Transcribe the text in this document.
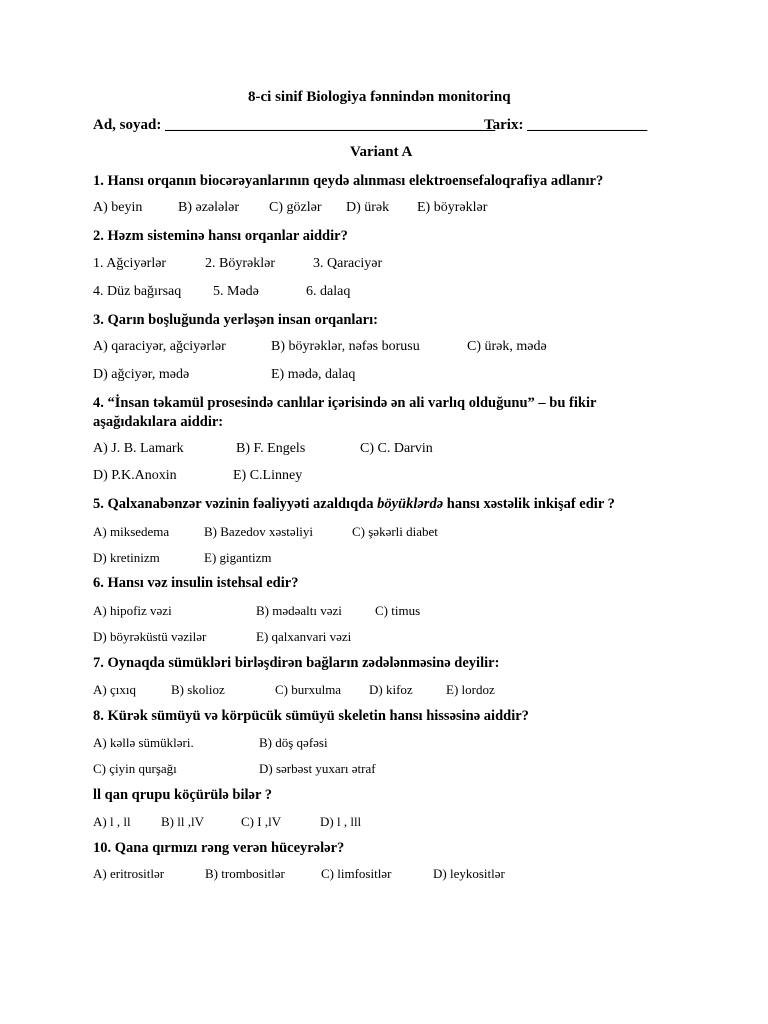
8-ci sinif Biologiya fənnindən monitorinq
Ad, soyad: ____________________________________________
Tarix: ________________
Variant A
1. Hansı orqanın biocərəyanlarının qeydə alınması elektroensefaloqrafiya adlanır?
A) beyin	B) əzələlər C) gözlər D) ürək E) böyrəklər
2. Həzm sisteminə hansı orqanlar aiddir?
1. Ağciyərlər	2. Böyrəklər	3. Qaraciyər
4. Düz bağırsaq 5. Mədə	6. dalaq
3. Qarın boşluğunda yerləşən insan orqanları:
A) qaraciyər, ağciyərlər	B) böyrəklər, nəfəs borusu	C) ürək, mədə
D) ağciyər, mədə	E) mədə, dalaq
4. “İnsan təkamül prosesində canlılar içərisində ən ali varlıq olduğunu” – bu fikir
aşağıdakılara aiddir:
A) J. B. Lamark	B) F. Engels	C) C. Darvin
D) P.K.Anoxin	E) C.Linney
5. Qalxanabənzər vəzinin fəaliyyəti azaldıqda böyüklərdə hansı xəstəlik inkişaf edir ?
A) miksedema	B) Bazedov xəstəliyi	C) şəkərli diabet
D) kretinizm	E) gigantizm
6. Hansı vəz insulin istehsal edir?
A) hipofiz vəzi	B) mədəaltı vəzi	C) timus
D) böyrəküstü vəzilər	E) qalxanvari vəzi
7. Oynaqda sümükləri birləşdirən bağların zədələnməsinə deyilir:
A) çıxıq	B) skolioz	C) burxulma D) kifoz	E) lordoz
8. Kürək sümüyü və körpücük sümüyü skeletin hansı hissəsinə aiddir?
A) kəllə sümükləri.	B) döş qəfəsi
C) çiyin qurşağı	D) sərbəst yuxarı ətraf
ll qan qrupu köçürülə bilər ?
A) l , ll B) ll ,lV	C) I ,lV	D) l , lll
10. Qana qırmızı rəng verən hüceyrələr?
A) eritrositlər	B) trombositlər	C) limfositlər	D) leykositlər
